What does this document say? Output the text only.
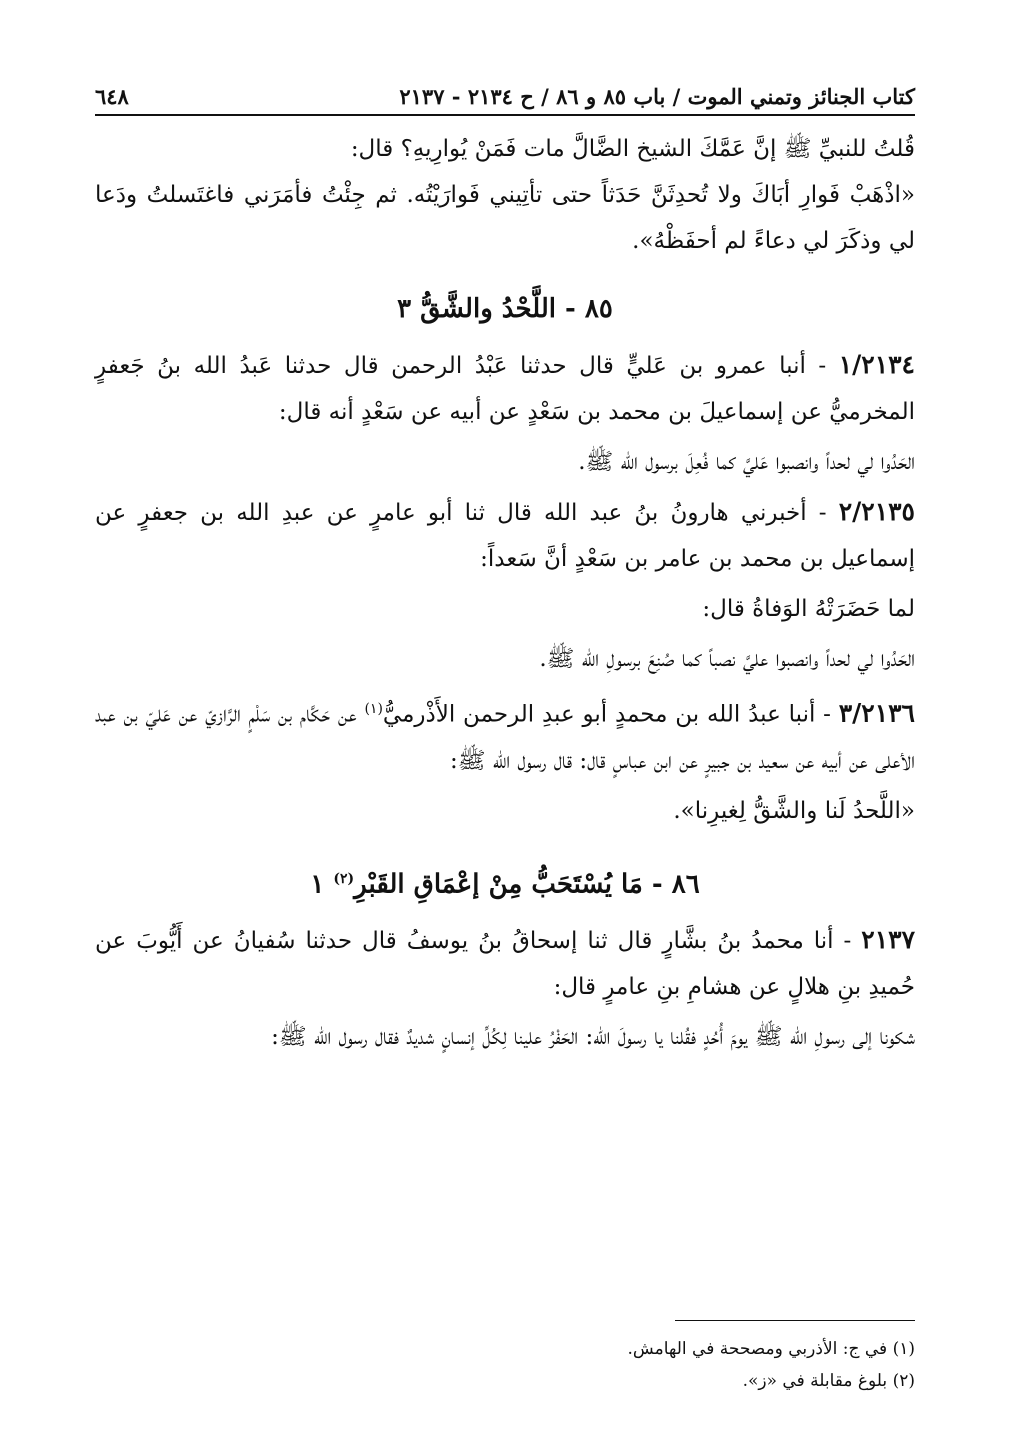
كتاب الجنائز وتمني الموت / باب ٨٥ و ٨٦ / ح ٢١٣٤ - ٢١٣٧
٦٤٨

قُلتُ للنبيِّ ﷺ إنَّ عَمَّكَ الشيخ الضَّالَّ مات فَمَنْ يُوارِيهِ؟ قال:

«اذْهَبْ فَوارِ أبَاكَ ولا تُحدِثَنَّ حَدَثاً حتى تأتِيني فَوارَيْتُه. ثم جِئْتُ فأمَرَني فاغتَسلتُ ودَعا لي وذكَرَ لي دعاءً لم أحفَظْهُ».

٨٥ - اللَّحْدُ والشَّقُّ ٣

١/٢١٣٤ - أنبا عمرو بن عَليٍّ قال حدثنا عَبْدُ الرحمن قال حدثنا عَبدُ الله بنُ جَعفرٍ المخرميُّ عن إسماعيلَ بن محمد بن سَعْدٍ عن أبيه عن سَعْدٍ أنه قال:

الحَدُوا لي لحداً وانصبوا عَليَّ كما فُعِلَ برسول الله ﷺ.

٢/٢١٣٥ - أخبرني هارونُ بنُ عبد الله قال ثنا أبو عامرٍ عن عبدِ الله بن جعفرٍ عن إسماعيل بن محمد بن عامر بن سَعْدٍ أنَّ سَعداً:

لما حَضَرَتْهُ الوَفاةُ قال:

الحَدُوا لي لحداً وانصبوا عليَّ نصباً كما صُنِعَ برسولِ الله ﷺ.

٣/٢١٣٦ - أنبا عبدُ الله بن محمدٍ أبو عبدِ الرحمن الأَذْرميُّ$^{(١)}$ عن حَكَّام بن سَلْمٍ الرَّازيّ عن عَليّ بن عبد الأعلى عن أبيه عن سعيد بن جبيرٍ عن ابن عباسٍ قال: قال رسول الله ﷺ:

«اللَّحدُ لَنا والشَّقُّ لِغيرِنا».

٨٦ - مَا يُسْتَحَبُّ مِنْ إعْمَاقِ القَبْرِ$^{(٢)}$ ١

٢١٣٧ - أنا محمدُ بنُ بشَّارٍ قال ثنا إسحاقُ بنُ يوسفُ قال حدثنا سُفيانُ عن أَيُّوبَ عن حُميدِ بنِ هلالٍ عن هشامِ بنِ عامرٍ قال:

شكونا إلى رسولِ الله ﷺ يومَ أُحُدٍ فقُلنا يا رسولَ الله: الحَفْرُ علينا لِكُلِّ إنسانٍ شديدٌ فقال رسول الله ﷺ:

(١) في ج: الأذربي ومصححة في الهامش.

(٢) بلوغ مقابلة في «ز».
